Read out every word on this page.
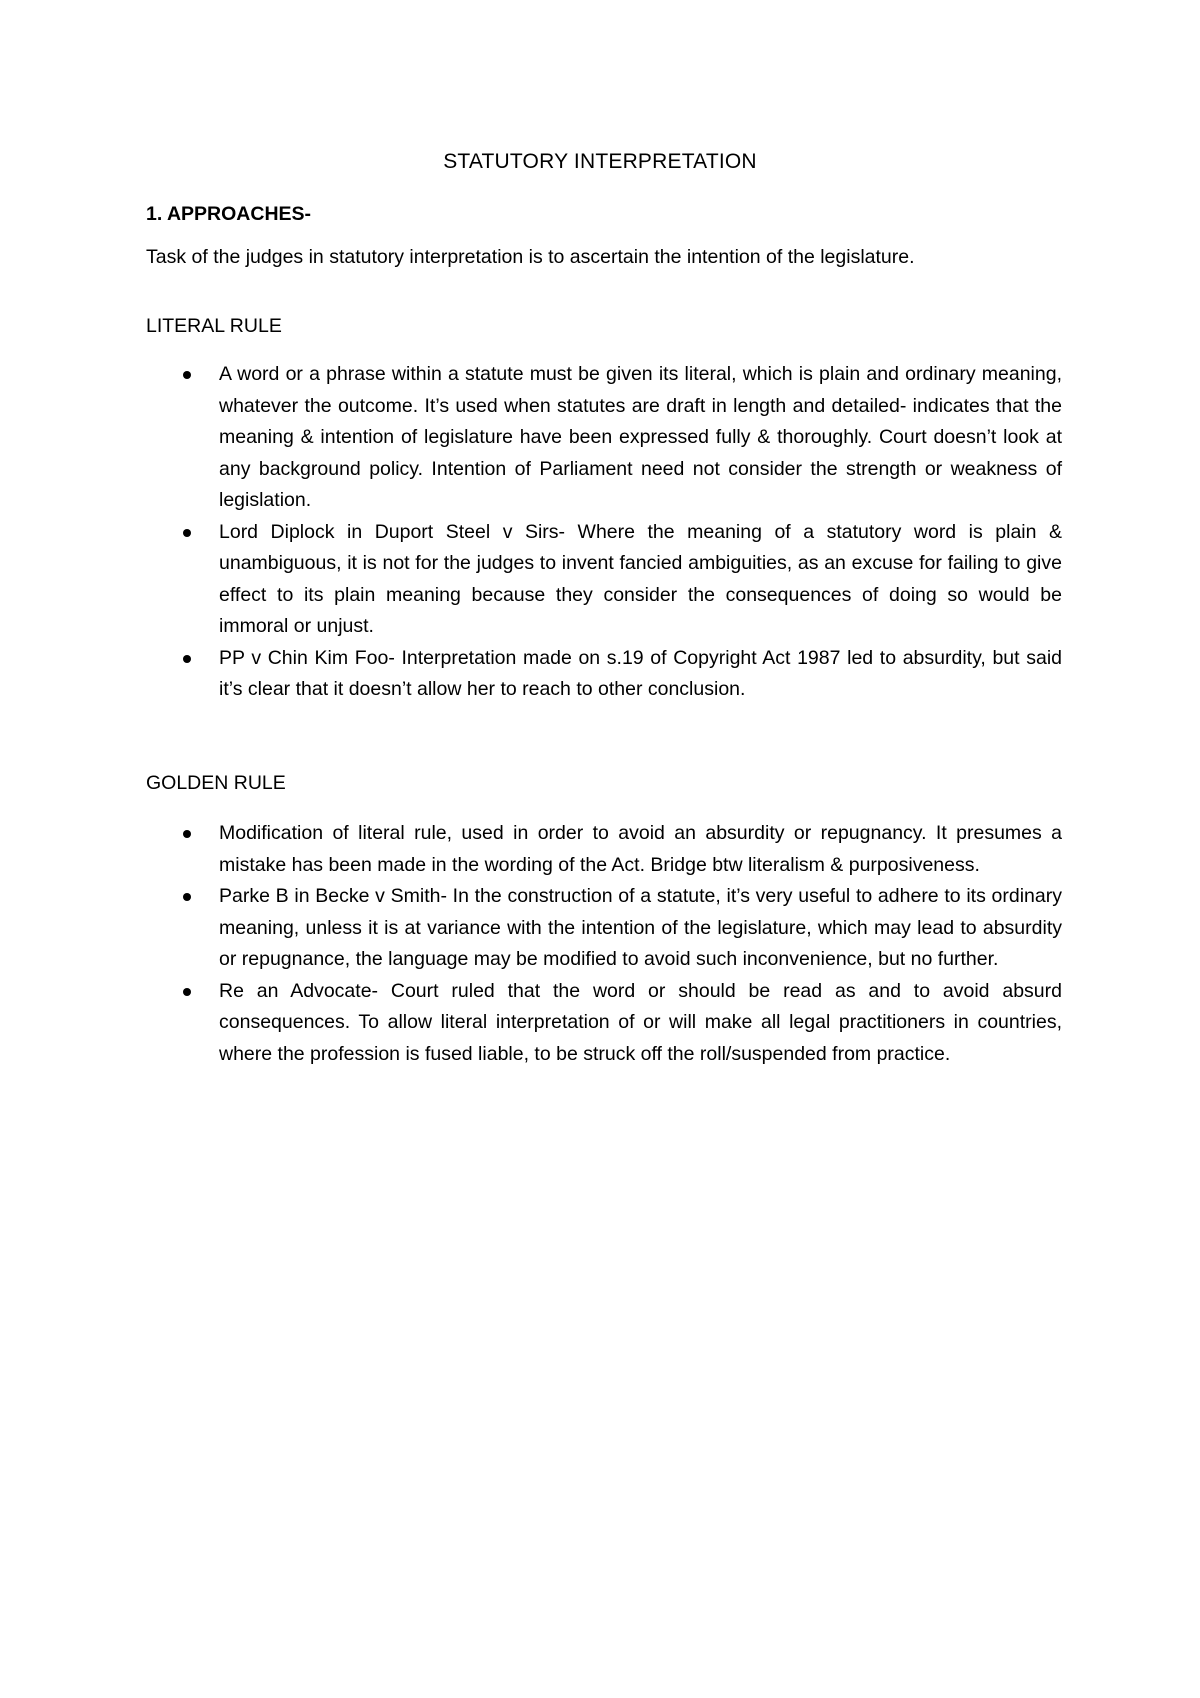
STATUTORY INTERPRETATION
1. APPROACHES-
Task of the judges in statutory interpretation is to ascertain the intention of the legislature.
LITERAL RULE
A word or a phrase within a statute must be given its literal, which is plain and ordinary meaning, whatever the outcome. It’s used when statutes are draft in length and detailed- indicates that the meaning & intention of legislature have been expressed fully & thoroughly. Court doesn’t look at any background policy. Intention of Parliament need not consider the strength or weakness of legislation.
Lord Diplock in Duport Steel v Sirs- Where the meaning of a statutory word is plain & unambiguous, it is not for the judges to invent fancied ambiguities, as an excuse for failing to give effect to its plain meaning because they consider the consequences of doing so would be immoral or unjust.
PP v Chin Kim Foo- Interpretation made on s.19 of Copyright Act 1987 led to absurdity, but said it’s clear that it doesn’t allow her to reach to other conclusion.
GOLDEN RULE
Modification of literal rule, used in order to avoid an absurdity or repugnancy. It presumes a mistake has been made in the wording of the Act. Bridge btw literalism & purposiveness.
Parke B in Becke v Smith- In the construction of a statute, it’s very useful to adhere to its ordinary meaning, unless it is at variance with the intention of the legislature, which may lead to absurdity or repugnance, the language may be modified to avoid such inconvenience, but no further.
Re an Advocate- Court ruled that the word or should be read as and to avoid absurd consequences. To allow literal interpretation of or will make all legal practitioners in countries, where the profession is fused liable, to be struck off the roll/suspended from practice.
